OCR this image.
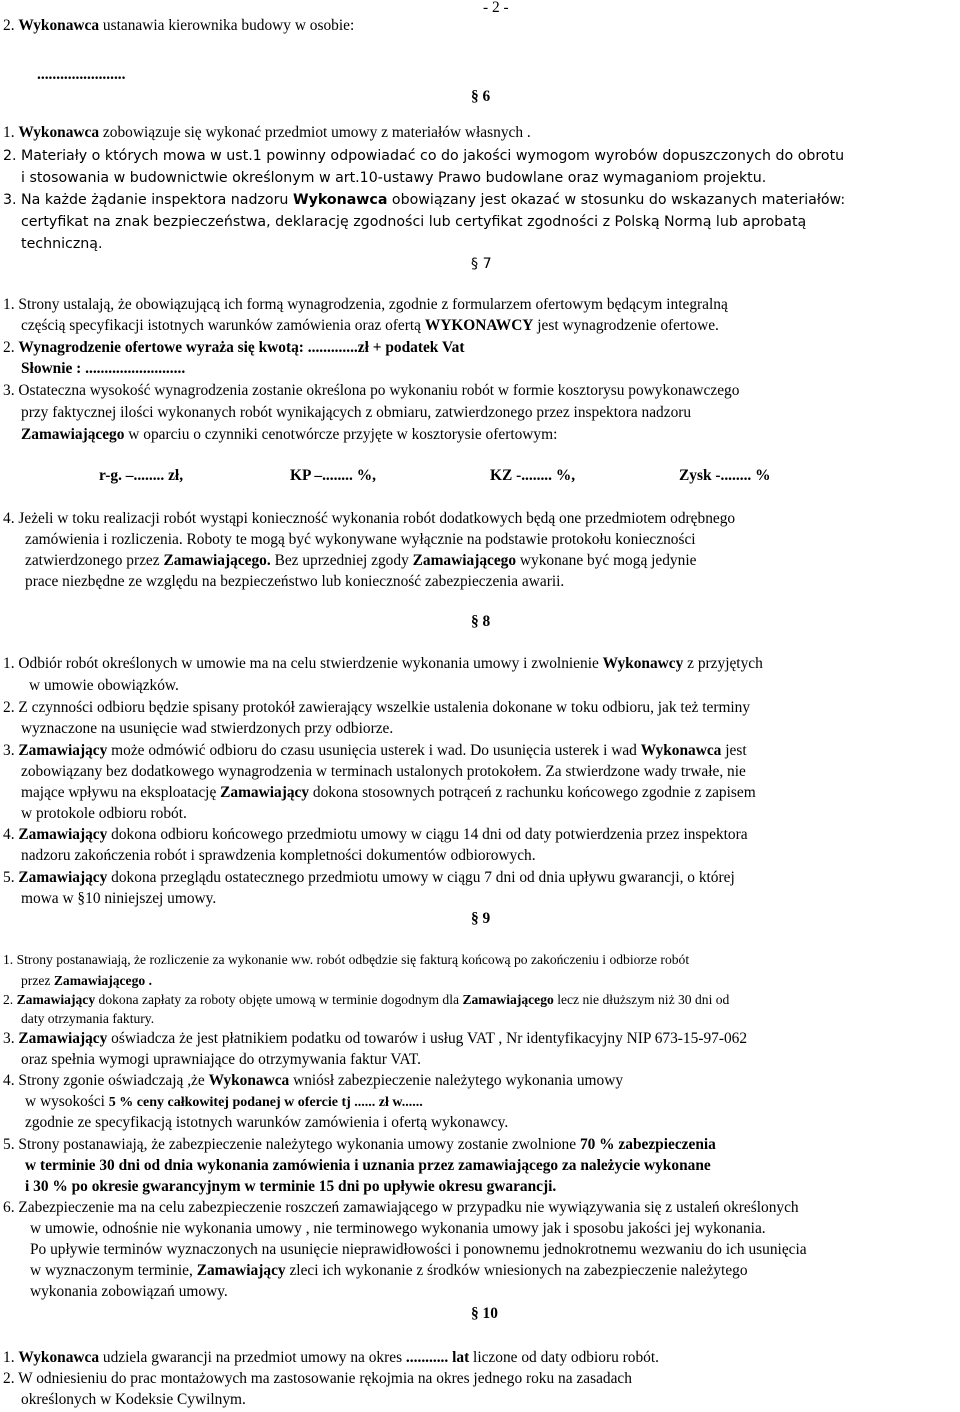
- 2 -
2. Wykonawca ustanawia kierownika budowy w osobie:
.......................
§ 6
1. Wykonawca zobowiązuje się wykonać przedmiot umowy z materiałów własnych .
2. Materiały o których mowa w ust.1 powinny odpowiadać co do jakości wymogom wyrobów dopuszczonych do obrotu
i stosowania w budownictwie określonym w art.10-ustawy Prawo budowlane oraz wymaganiom projektu.
3. Na każde żądanie inspektora nadzoru Wykonawca obowiązany jest okazać w stosunku do wskazanych materiałów:
certyfikat na znak bezpieczeństwa, deklarację zgodności lub certyfikat zgodności z Polską Normą lub aprobatą
techniczną.
§ 7
1. Strony ustalają, że obowiązującą ich formą wynagrodzenia, zgodnie z formularzem ofertowym będącym integralną
częścią specyfikacji istotnych warunków zamówienia oraz ofertą WYKONAWCY jest wynagrodzenie ofertowe.
2. Wynagrodzenie ofertowe wyraża się kwotą: .............zł + podatek Vat
Słownie : ..........................
3. Ostateczna wysokość wynagrodzenia zostanie określona po wykonaniu robót w formie kosztorysu powykonawczego
przy faktycznej ilości wykonanych robót wynikających z obmiaru, zatwierdzonego przez inspektora nadzoru
Zamawiającego w oparciu o czynniki cenotwórcze przyjęte w kosztorysie ofertowym:
r-g. –........ zł,	KP –........ %,	KZ -........ %,	Zysk -........ %
4. Jeżeli w toku realizacji robót wystąpi konieczność wykonania robót dodatkowych będą one przedmiotem odrębnego
zamówienia i rozliczenia. Roboty te mogą być wykonywane wyłącznie na podstawie protokołu konieczności
zatwierdzonego przez Zamawiającego. Bez uprzedniej zgody Zamawiającego wykonane być mogą jedynie
prace niezbędne ze względu na bezpieczeństwo lub konieczność zabezpieczenia awarii.
§ 8
1. Odbiór robót określonych w umowie ma na celu stwierdzenie wykonania umowy i zwolnienie Wykonawcy z przyjętych
w umowie obowiązków.
2. Z czynności odbioru będzie spisany protokół zawierający wszelkie ustalenia dokonane w toku odbioru, jak też terminy
wyznaczone na usunięcie wad stwierdzonych przy odbiorze.
3. Zamawiający może odmówić odbioru do czasu usunięcia usterek i wad. Do usunięcia usterek i wad Wykonawca jest
zobowiązany bez dodatkowego wynagrodzenia w terminach ustalonych protokołem. Za stwierdzone wady trwałe, nie
mające wpływu na eksploatację Zamawiający dokona stosownych potrąceń z rachunku końcowego zgodnie z zapisem
w protokole odbioru robót.
4. Zamawiający dokona odbioru końcowego przedmiotu umowy w ciągu 14 dni od daty potwierdzenia przez inspektora
nadzoru zakończenia robót i sprawdzenia kompletności dokumentów odbiorowych.
5. Zamawiający dokona przeglądu ostatecznego przedmiotu umowy w ciągu 7 dni od dnia upływu gwarancji, o której
mowa w §10 niniejszej umowy.
§ 9
1. Strony postanawiają, że rozliczenie za wykonanie ww. robót odbędzie się fakturą końcową po zakończeniu i odbiorze robót
przez Zamawiającego .
2. Zamawiający dokona zapłaty za roboty objęte umową w terminie dogodnym dla Zamawiającego lecz nie dłuższym niż 30 dni od
daty otrzymania faktury.
3. Zamawiający oświadcza że jest płatnikiem podatku od towarów i usług VAT , Nr identyfikacyjny NIP 673-15-97-062
oraz spełnia wymogi uprawniające do otrzymywania faktur VAT.
4. Strony zgonie oświadczają ,że Wykonawca wniósł zabezpieczenie należytego wykonania umowy
w wysokości 5 % ceny całkowitej podanej w ofercie tj ...... zł w......
zgodnie ze specyfikacją istotnych warunków zamówienia i ofertą wykonawcy.
5. Strony postanawiają, że zabezpieczenie należytego wykonania umowy zostanie zwolnione 70 % zabezpieczenia
w terminie 30 dni od dnia wykonania zamówienia i uznania przez zamawiającego za należycie wykonane
i 30 % po okresie gwarancyjnym w terminie 15 dni po upływie okresu gwarancji.
6. Zabezpieczenie ma na celu zabezpieczenie roszczeń zamawiającego w przypadku nie wywiązywania się z ustaleń określonych
w umowie, odnośnie nie wykonania umowy , nie terminowego wykonania umowy jak i sposobu jakości jej wykonania.
Po upływie terminów wyznaczonych na usunięcie nieprawidłowości i ponownemu jednokrotnemu wezwaniu do ich usunięcia
w wyznaczonym terminie, Zamawiający zleci ich wykonanie z środków wniesionych na zabezpieczenie należytego
wykonania zobowiązań umowy.
§ 10
1. Wykonawca udziela gwarancji na przedmiot umowy na okres ........... lat liczone od daty odbioru robót.
2. W odniesieniu do prac montażowych ma zastosowanie rękojmia na okres jednego roku na zasadach
określonych w Kodeksie Cywilnym.
